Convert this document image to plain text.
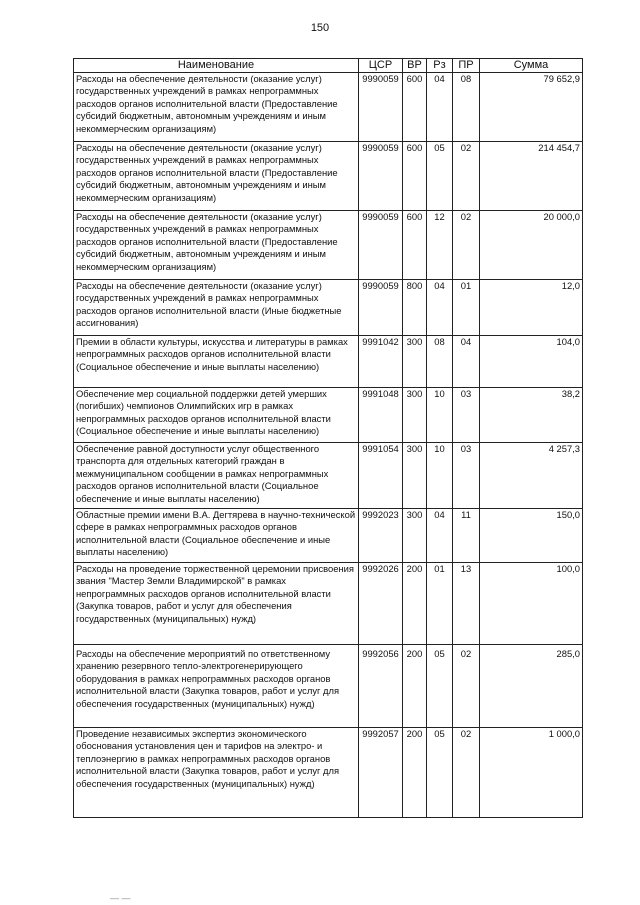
150
Наименование	ЦСР	ВР	Рз	ПР	Сумма
Расходы на обеспечение деятельности (оказание услуг) государственных учреждений в рамках непрограммных расходов органов исполнительной власти (Предоставление субсидий бюджетным, автономным учреждениям и иным некоммерческим организациям)	9990059	600	04	08	79 652,9
Расходы на обеспечение деятельности (оказание услуг) государственных учреждений в рамках непрограммных расходов органов исполнительной власти (Предоставление субсидий бюджетным, автономным учреждениям и иным некоммерческим организациям)	9990059	600	05	02	214 454,7
Расходы на обеспечение деятельности (оказание услуг) государственных учреждений в рамках непрограммных расходов органов исполнительной власти (Предоставление субсидий бюджетным, автономным учреждениям и иным некоммерческим организациям)	9990059	600	12	02	20 000,0
Расходы на обеспечение деятельности (оказание услуг) государственных учреждений в рамках непрограммных расходов органов исполнительной власти (Иные бюджетные ассигнования)	9990059	800	04	01	12,0
Премии в области культуры, искусства и литературы в рамках непрограммных расходов органов исполнительной власти (Социальное обеспечение и иные выплаты населению)	9991042	300	08	04	104,0
Обеспечение мер социальной поддержки детей умерших (погибших) чемпионов Олимпийских игр в рамках непрограммных расходов органов исполнительной власти (Социальное обеспечение и иные выплаты населению)	9991048	300	10	03	38,2
Обеспечение равной доступности услуг общественного транспорта для отдельных категорий граждан в межмуниципальном сообщении в рамках непрограммных расходов органов исполнительной власти (Социальное обеспечение и иные выплаты населению)	9991054	300	10	03	4 257,3
Областные премии имени В.А. Дегтярева в научно-технической сфере в рамках непрограммных расходов органов исполнительной власти (Социальное обеспечение и иные выплаты населению)	9992023	300	04	11	150,0
Расходы на проведение торжественной церемонии присвоения звания "Мастер Земли Владимирской" в рамках непрограммных расходов органов исполнительной власти (Закупка товаров, работ и услуг для обеспечения государственных (муниципальных) нужд)	9992026	200	01	13	100,0
Расходы на обеспечение мероприятий по ответственному хранению резервного тепло-электрогенерирующего оборудования в рамках непрограммных расходов органов исполнительной власти (Закупка товаров, работ и услуг для обеспечения государственных (муниципальных) нужд)	9992056	200	05	02	285,0
Проведение независимых экспертиз экономического обоснования установления цен и тарифов на электро- и теплоэнергию в рамках непрограммных расходов органов исполнительной власти (Закупка товаров, работ и услуг для обеспечения государственных (муниципальных) нужд)	9992057	200	05	02	1 000,0
— —
